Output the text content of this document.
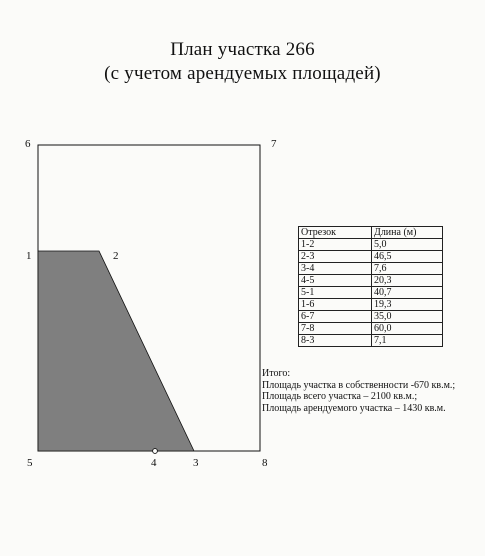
План участка 266
(с учетом арендуемых площадей)
6	7
1	2
5	4	3	8
Отрезок	Длина (м)
1-2	5,0
2-3	46,5
3-4	7,6
4-5	20,3
5-1	40,7
1-6	19,3
6-7	35,0
7-8	60,0
8-3	7,1
Итого:
Площадь участка в собственности -670 кв.м.;
Площадь всего участка – 2100 кв.м.;
Площадь арендуемого участка – 1430 кв.м.
